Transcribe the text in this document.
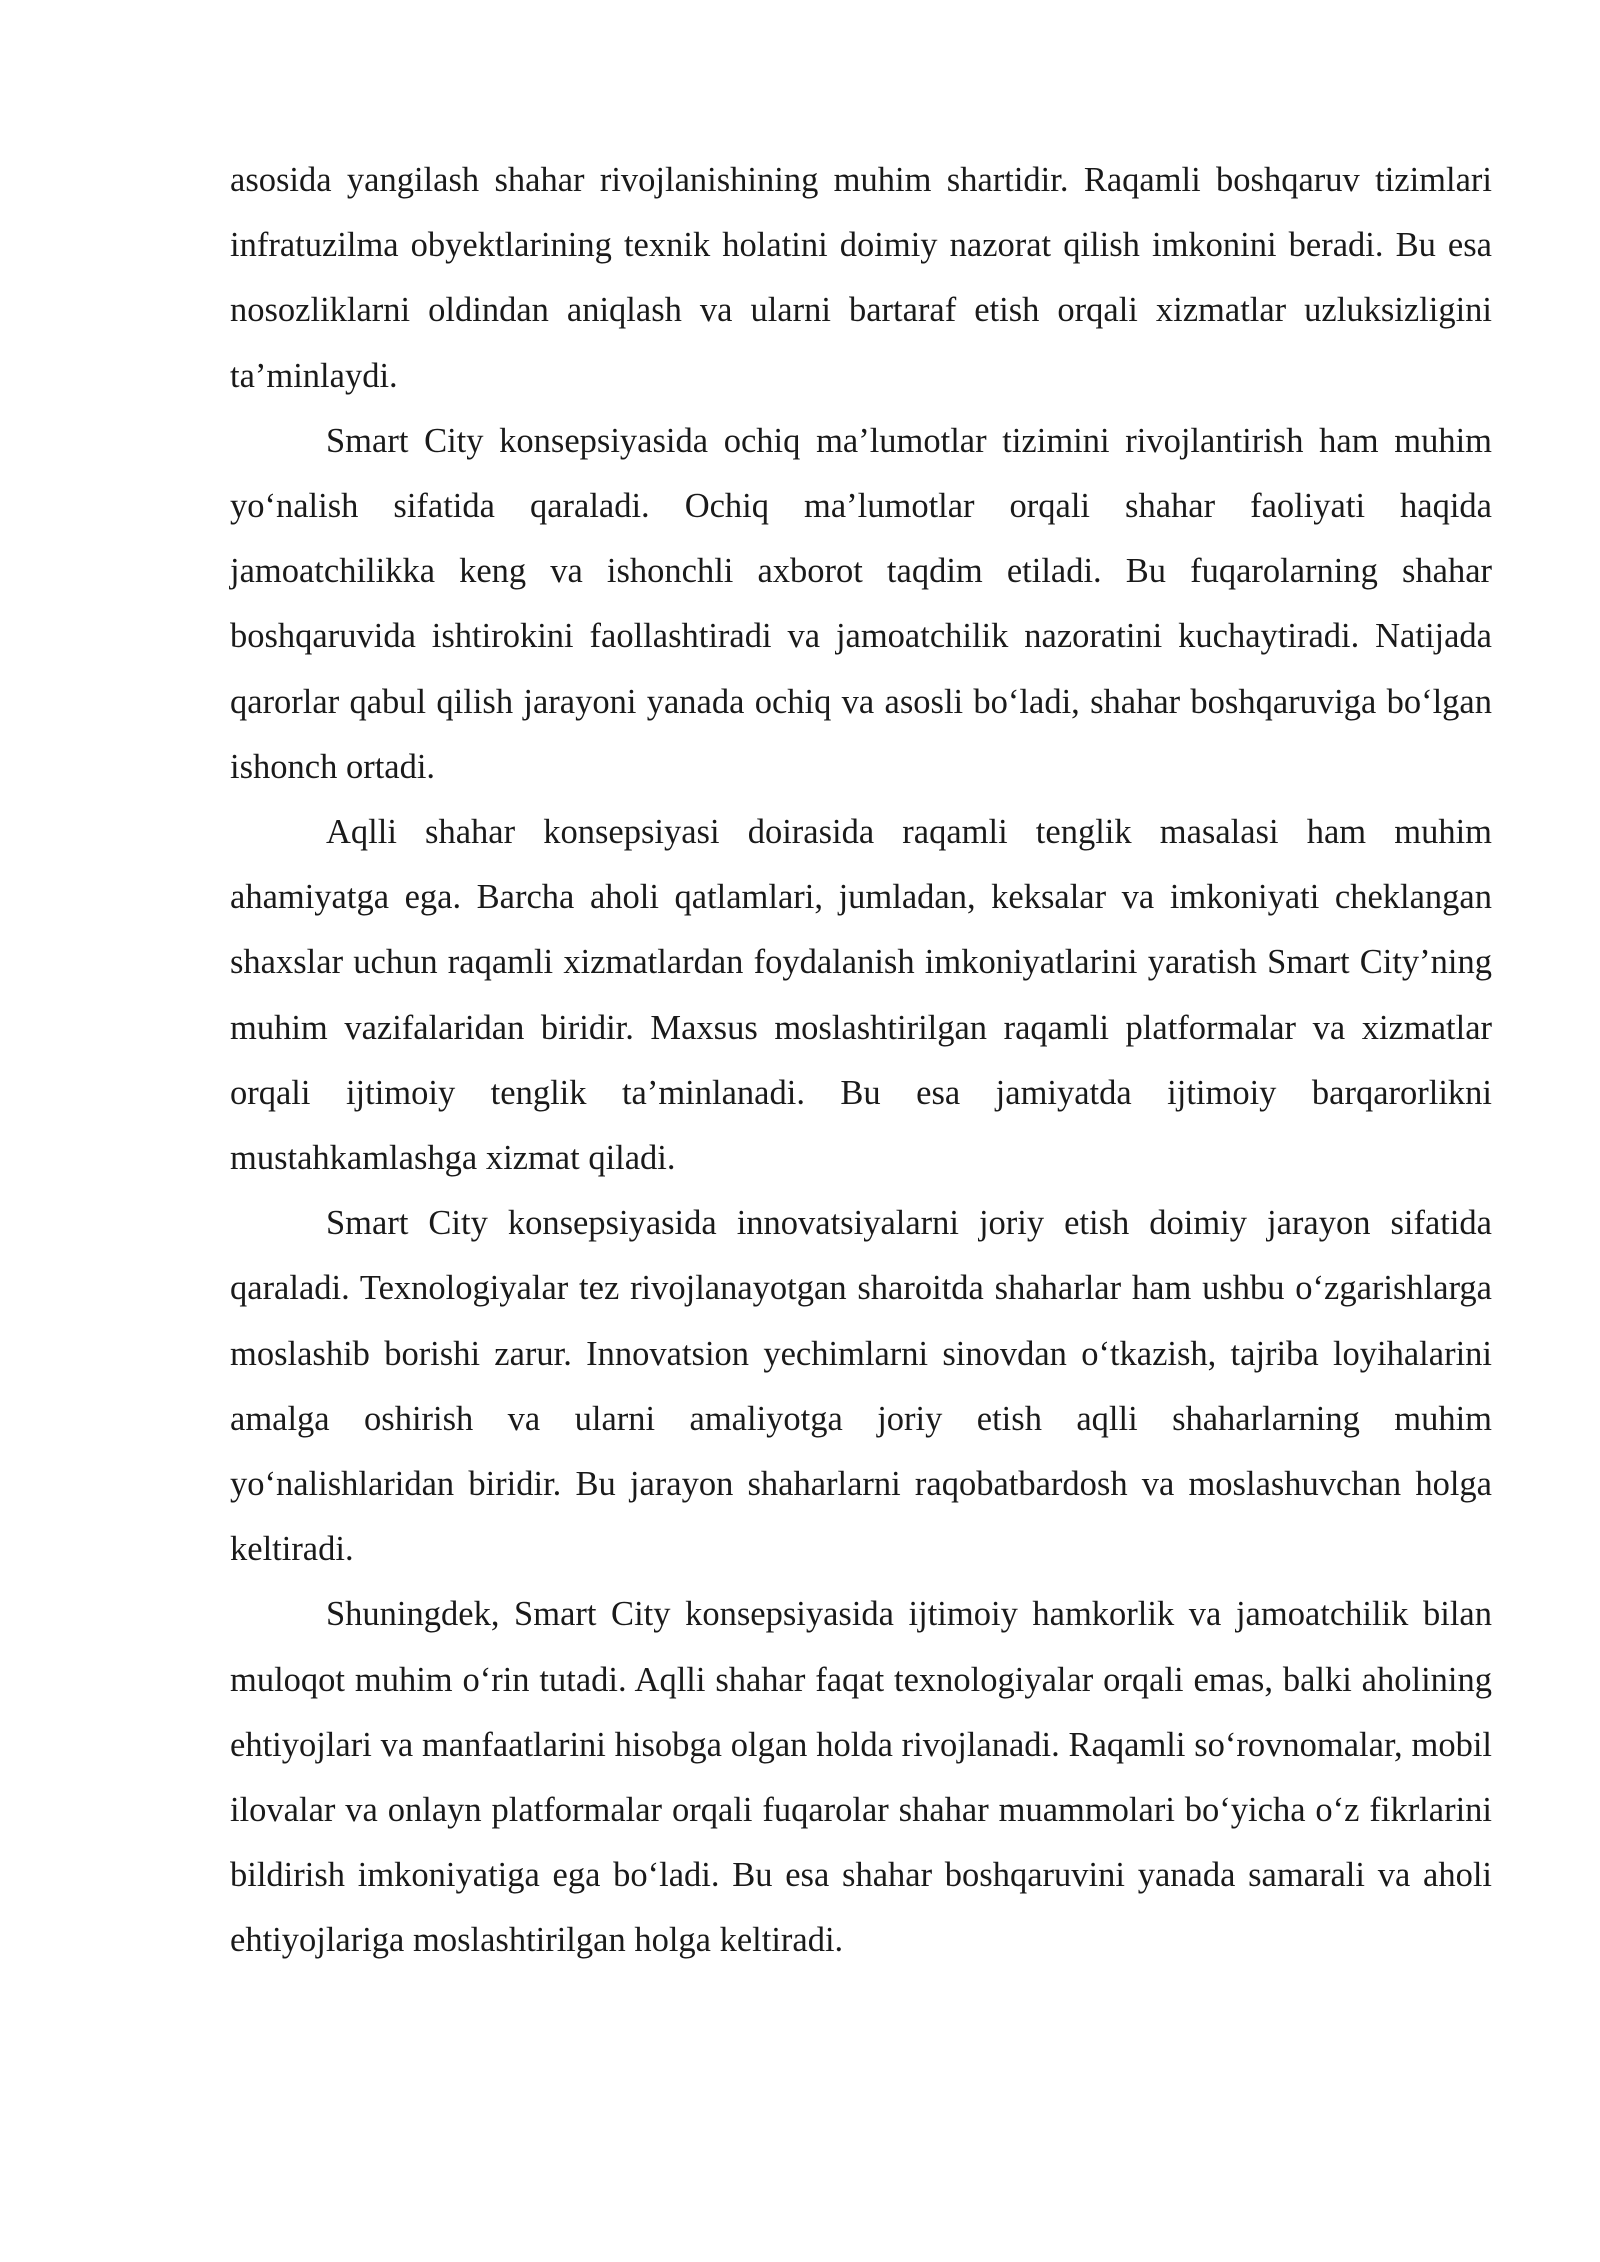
asosida yangilash shahar rivojlanishining muhim shartidir. Raqamli boshqaruv tizimlari infratuzilma obyektlarining texnik holatini doimiy nazorat qilish imkonini beradi. Bu esa nosozliklarni oldindan aniqlash va ularni bartaraf etish orqali xizmatlar uzluksizligini ta’minlaydi.

Smart City konsepsiyasida ochiq ma’lumotlar tizimini rivojlantirish ham muhim yo‘nalish sifatida qaraladi. Ochiq ma’lumotlar orqali shahar faoliyati haqida jamoatchilikka keng va ishonchli axborot taqdim etiladi. Bu fuqarolarning shahar boshqaruvida ishtirokini faollashtiradi va jamoatchilik nazoratini kuchaytiradi. Natijada qarorlar qabul qilish jarayoni yanada ochiq va asosli bo‘ladi, shahar boshqaruviga bo‘lgan ishonch ortadi.

Aqlli shahar konsepsiyasi doirasida raqamli tenglik masalasi ham muhim ahamiyatga ega. Barcha aholi qatlamlari, jumladan, keksalar va imkoniyati cheklangan shaxslar uchun raqamli xizmatlardan foydalanish imkoniyatlarini yaratish Smart City’ning muhim vazifalaridan biridir. Maxsus moslashtirilgan raqamli platformalar va xizmatlar orqali ijtimoiy tenglik ta’minlanadi. Bu esa jamiyatda ijtimoiy barqarorlikni mustahkamlashga xizmat qiladi.

Smart City konsepsiyasida innovatsiyalarni joriy etish doimiy jarayon sifatida qaraladi. Texnologiyalar tez rivojlanayotgan sharoitda shaharlar ham ushbu o‘zgarishlarga moslashib borishi zarur. Innovatsion yechimlarni sinovdan o‘tkazish, tajriba loyihalarini amalga oshirish va ularni amaliyotga joriy etish aqlli shaharlarning muhim yo‘nalishlaridan biridir. Bu jarayon shaharlarni raqobatbardosh va moslashuvchan holga keltiradi.

Shuningdek, Smart City konsepsiyasida ijtimoiy hamkorlik va jamoatchilik bilan muloqot muhim o‘rin tutadi. Aqlli shahar faqat texnologiyalar orqali emas, balki aholining ehtiyojlari va manfaatlarini hisobga olgan holda rivojlanadi. Raqamli so‘rovnomalar, mobil ilovalar va onlayn platformalar orqali fuqarolar shahar muammolari bo‘yicha o‘z fikrlarini bildirish imkoniyatiga ega bo‘ladi. Bu esa shahar boshqaruvini yanada samarali va aholi ehtiyojlariga moslashtirilgan holga keltiradi.
